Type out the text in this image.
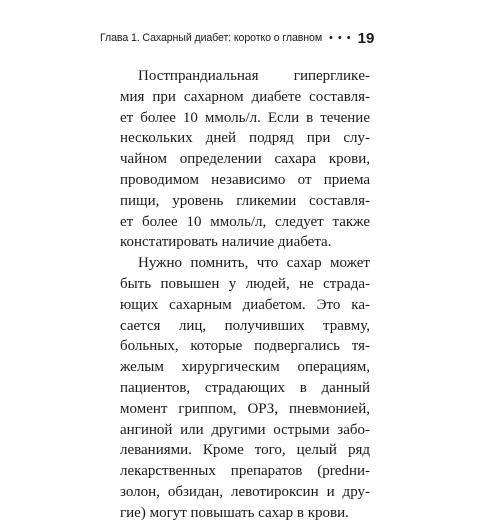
Глава 1. Сахарный диабет: коротко о главном ••• 19
Постпрандиальная гипергликe-
мия при сахарном диабете составля-
ет более 10 ммоль/л. Если в течение
нескольких дней подряд при слу-
чайном определении сахара крови,
проводимом независимо от приема
пищи, уровень гликемии составля-
ет более 10 ммоль/л, следует также
констатировать наличие диабета.
Нужно помнить, что сахар может
быть повышен у людей, не страда-
ющих сахарным диабетом. Это ка-
сается лиц, получивших травму,
больных, которые подвергались тя-
желым хирургическим операциям,
пациентов, страдающих в данный
момент гриппом, ОРЗ, пневмонией,
ангиной или другими острыми забо-
леваниями. Кроме того, целый ряд
лекарственных препаратов (predни-
золон, обзидан, левотироксин и дру-
гие) могут повышать сахар в крови.
